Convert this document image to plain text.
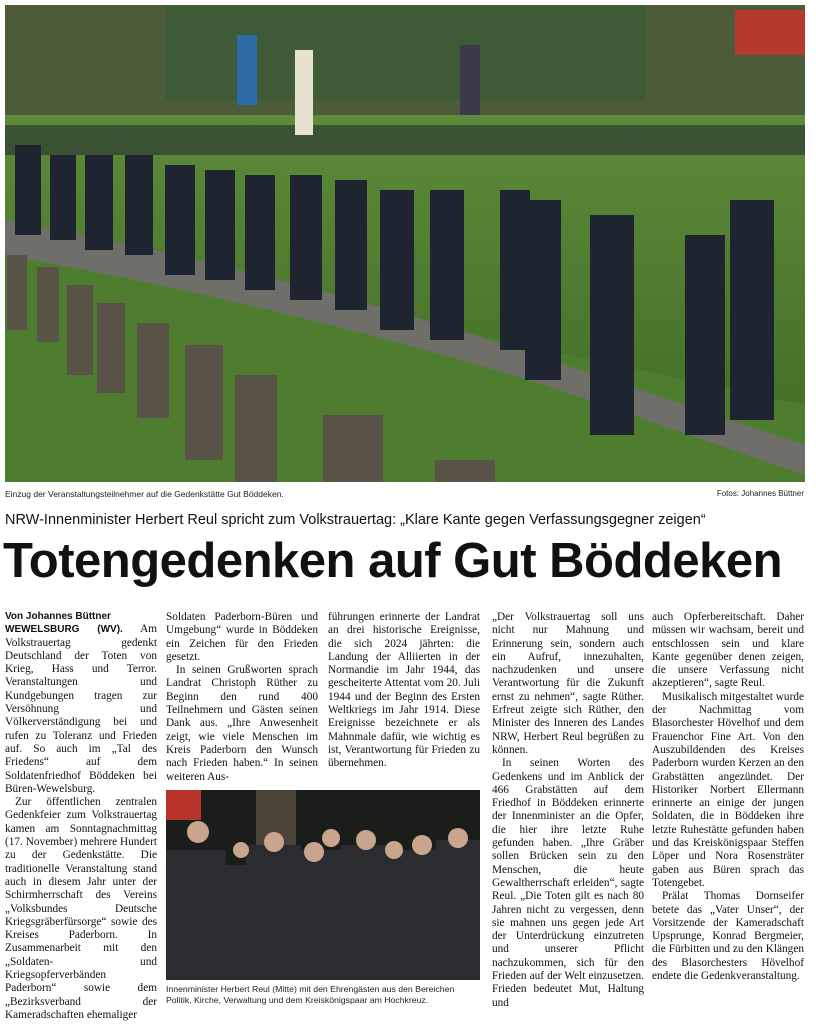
Einzug der Veranstaltungsteilnehmer auf die Gedenkstätte Gut Böddeken.	Fotos: Johannes Büttner
NRW-Innenminister Herbert Reul spricht zum Volkstrauertag: „Klare Kante gegen Verfassungsgegner zeigen“
Totengedenken auf Gut Böddeken

Von Johannes Büttner

WEWELSBURG (WV). Am Volkstrauertag gedenkt Deutschland der Toten von Krieg, Hass und Terror. Veranstaltungen und Kundgebungen tragen zur Versöhnung und Völkerverständigung bei und rufen zu Toleranz und Frieden auf. So auch im „Tal des Friedens“ auf dem Soldatenfriedhof Böddeken bei Büren-Wewelsburg.

Zur öffentlichen zentralen Gedenkfeier zum Volkstrauertag kamen am Sonntagnachmittag (17. November) mehrere Hundert zu der Gedenkstätte. Die traditionelle Veranstaltung stand auch in diesem Jahr unter der Schirmherrschaft des Vereins „Volksbundes Deutsche Kriegsgräberfürsorge“ sowie des Kreises Paderborn. In Zusammenarbeit mit den „Soldaten- und Kriegsopferverbänden Paderborn“ sowie dem „Bezirksverband der Kameradschaften ehemaliger

Soldaten Paderborn-Büren und Umgebung“ wurde in Böddeken ein Zeichen für den Frieden gesetzt.

In seinen Grußworten sprach Landrat Christoph Rüther zu Beginn den rund 400 Teilnehmern und Gästen seinen Dank aus. „Ihre Anwesenheit zeigt, wie viele Menschen im Kreis Paderborn den Wunsch nach Frieden haben.“ In seinen weiteren Aus-

führungen erinnerte der Landrat an drei historische Ereignisse, die sich 2024 jährten: die Landung der Alliierten in der Normandie im Jahr 1944, das gescheiterte Attentat vom 20. Juli 1944 und der Beginn des Ersten Weltkriegs im Jahr 1914. Diese Ereignisse bezeichnete er als Mahnmale dafür, wie wichtig es ist, Verantwortung für Frieden zu übernehmen.

Innenminister Herbert Reul (Mitte) mit den Ehrengästen aus den Bereichen Politik, Kirche, Verwaltung und dem Kreiskönigspaar am Hochkreuz.

„Der Volkstrauertag soll uns nicht nur Mahnung und Erinnerung sein, sondern auch ein Aufruf, innezuhalten, nachzudenken und unsere Verantwortung für die Zukunft ernst zu nehmen“, sagte Rüther. Erfreut zeigte sich Rüther, den Minister des Inneren des Landes NRW, Herbert Reul begrüßen zu können.

In seinen Worten des Gedenkens und im Anblick der 466 Grabstätten auf dem Friedhof in Böddeken erinnerte der Innenminister an die Opfer, die hier ihre letzte Ruhe gefunden haben. „Ihre Gräber sollen Brücken sein zu den Menschen, die heute Gewaltherrschaft erleiden“, sagte Reul. „Die Toten gilt es nach 80 Jahren nicht zu vergessen, denn sie mahnen uns gegen jede Art der Unterdrückung einzutreten und unserer Pflicht nachzukommen, sich für den Frieden auf der Welt einzusetzen. Frieden bedeutet Mut, Haltung und

auch Opferbereitschaft. Daher müssen wir wachsam, bereit und entschlossen sein und klare Kante gegenüber denen zeigen, die unsere Verfassung nicht akzeptieren“, sagte Reul.

Musikalisch mitgestaltet wurde der Nachmittag vom Blasorchester Hövelhof und dem Frauenchor Fine Art. Von den Auszubildenden des Kreises Paderborn wurden Kerzen an den Grabstätten angezündet. Der Historiker Norbert Ellermann erinnerte an einige der jungen Soldaten, die in Böddeken ihre letzte Ruhestätte gefunden haben und das Kreiskönigspaar Steffen Löper und Nora Rosensträter gaben aus Büren sprach das Totengebet.

Prälat Thomas Dornseifer betete das „Vater Unser“, der Vorsitzende der Kameradschaft Upsprunge, Konrad Bergmeier, die Fürbitten und zu den Klängen des Blasorchesters Hövelhof endete die Gedenkveranstaltung.
